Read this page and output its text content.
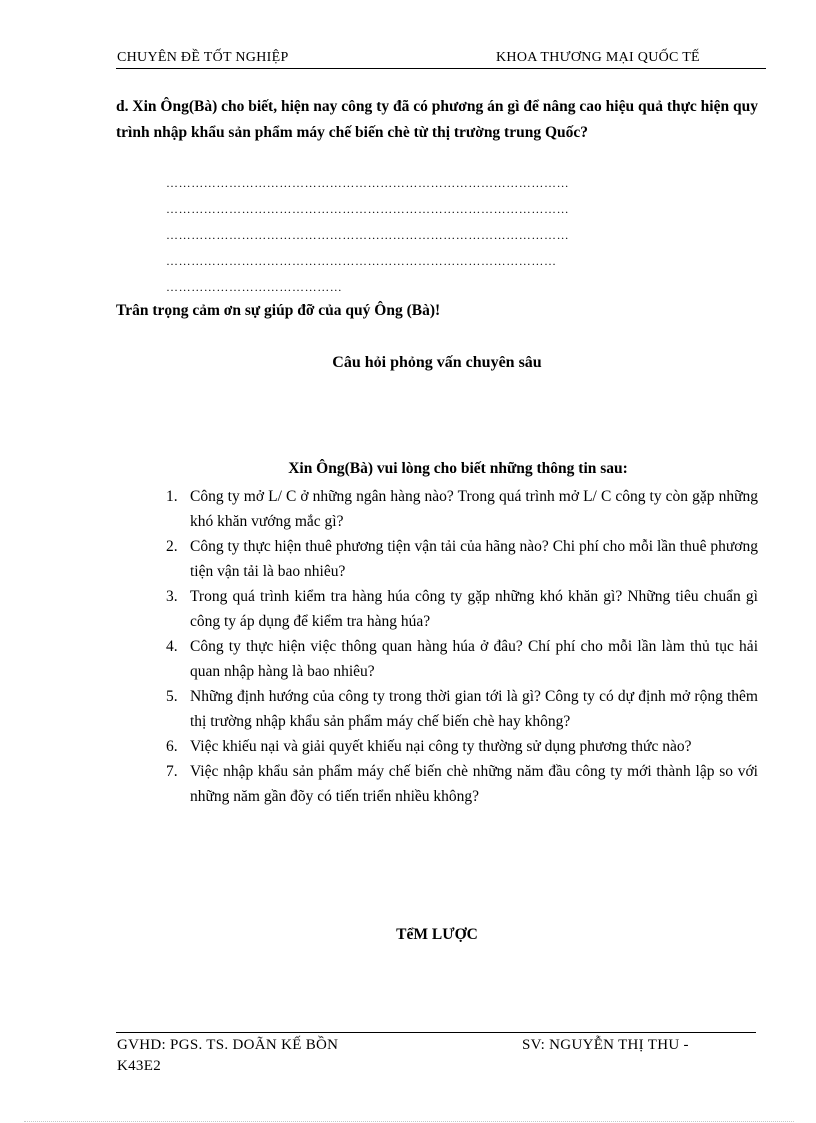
CHUYÊN ĐỀ TỐT NGHIỆP	KHOA THƯƠNG MẠI QUỐC TẾ
d. Xin Ông(Bà) cho biết, hiện nay công ty đã có phương án gì để nâng cao hiệu quả thực hiện quy trình nhập khẩu sản phẩm máy chế biến chè từ thị trường trung Quốc?
……………………………………………………………………………………
……………………………………………………………………………………
……………………………………………………………………………………
…………………………………………………………………………………
……………………………………
Trân trọng cảm ơn sự giúp đỡ của quý Ông (Bà)!
Câu hỏi phỏng vấn chuyên sâu
Xin Ông(Bà) vui lòng cho biết những thông tin sau:
1. Công ty mở L/ C ở những ngân hàng nào? Trong quá trình mở L/ C công ty còn gặp những khó khăn vướng mắc gì?
2. Công ty thực hiện thuê phương tiện vận tải của hãng nào? Chi phí cho mỗi lần thuê phương tiện vận tải là bao nhiêu?
3. Trong quá trình kiểm tra hàng húa công ty gặp những khó khăn gì? Những tiêu chuẩn gì công ty áp dụng để kiểm tra hàng húa?
4. Công ty thực hiện việc thông quan hàng húa ở đâu? Chí phí cho mỗi lần làm thủ tục hải quan nhập hàng là bao nhiêu?
5. Những định hướng của công ty trong thời gian tới là gì? Công ty có dự định mở rộng thêm thị trường nhập khẩu sản phẩm máy chế biến chè hay không?
6. Việc khiếu nại và giải quyết khiếu nại công ty thường sử dụng phương thức nào?
7. Việc nhập khẩu sản phẩm máy chế biến chè những năm đầu công ty mới thành lập so với những năm gần đõy có tiến triển nhiều không?
TểM LƯỢC
GVHD: PGS. TS. DOÃN KẾ BỒN	SV: NGUYỄN THỊ THU -
K43E2
